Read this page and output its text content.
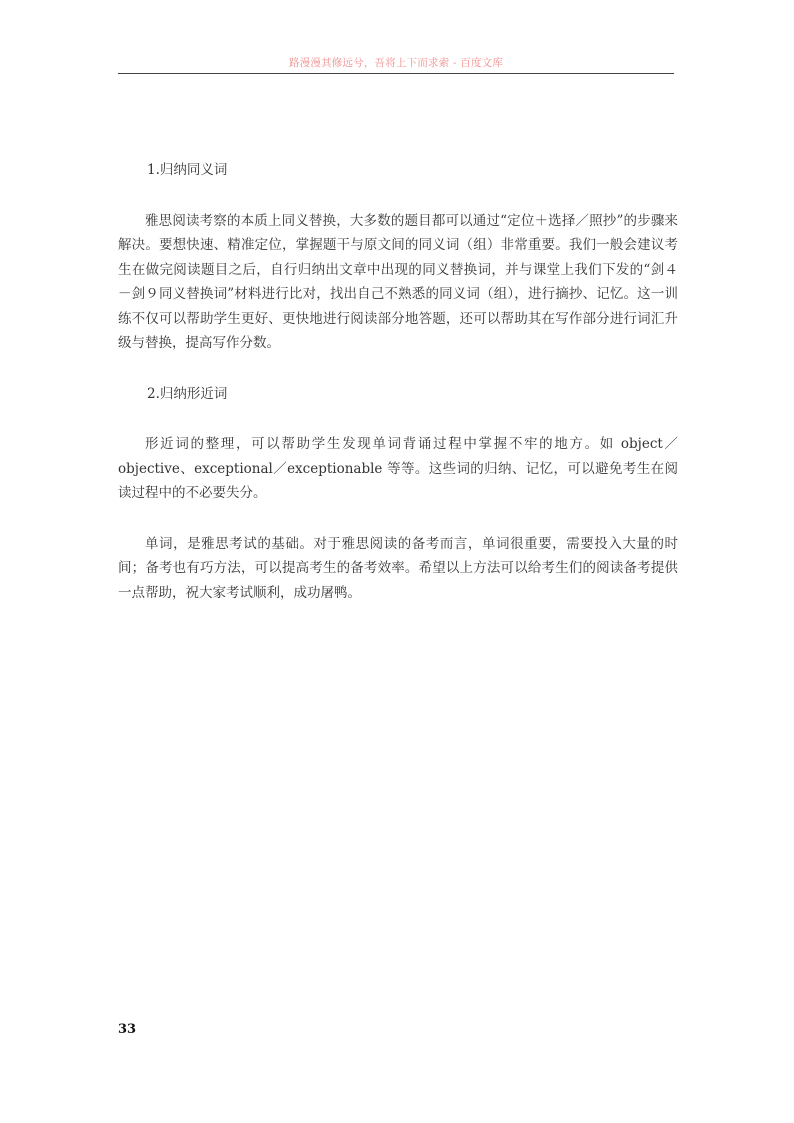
路漫漫其修远兮，吾将上下而求索 - 百度文库
1.归纳同义词

雅思阅读考察的本质上同义替换，大多数的题目都可以通过“定位＋选择／照抄”的步骤来解决。要想快速、精准定位，掌握题干与原文间的同义词（组）非常重要。我们一般会建议考生在做完阅读题目之后，自行归纳出文章中出现的同义替换词，并与课堂上我们下发的“剑４－剑９同义替换词”材料进行比对，找出自己不熟悉的同义词（组），进行摘抄、记忆。这一训练不仅可以帮助学生更好、更快地进行阅读部分地答题，还可以帮助其在写作部分进行词汇升级与替换，提高写作分数。

2.归纳形近词

形近词的整理，可以帮助学生发现单词背诵过程中掌握不牢的地方。如 object／objective、exceptional／exceptionable 等等。这些词的归纳、记忆，可以避免考生在阅读过程中的不必要失分。

单词，是雅思考试的基础。对于雅思阅读的备考而言，单词很重要，需要投入大量的时间；备考也有巧方法，可以提高考生的备考效率。希望以上方法可以给考生们的阅读备考提供一点帮助，祝大家考试顺利，成功屠鸭。

33
